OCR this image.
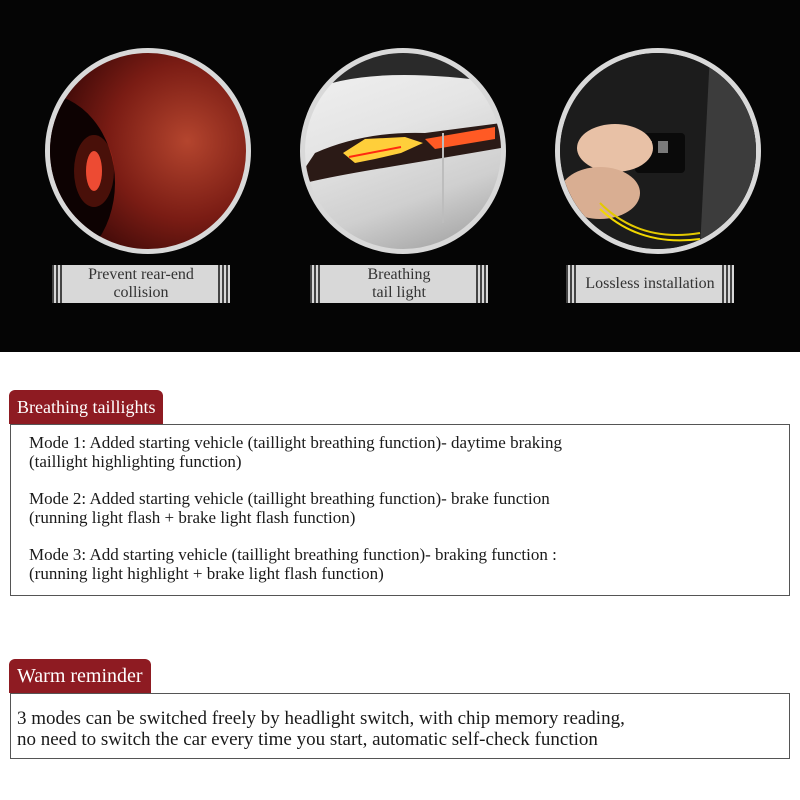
Prevent rear-end
collision
Breathing
tail light
Lossless installation
Breathing taillights

Mode 1: Added starting vehicle (taillight breathing function)- daytime braking
(taillight highlighting function)

Mode 2: Added starting vehicle (taillight breathing function)- brake function
(running light flash + brake light flash function)

Mode 3: Add starting vehicle (taillight breathing function)- braking function :
(running light highlight + brake light flash function)

Warm reminder
3 modes can be switched freely by headlight switch, with chip memory reading,
no need to switch the car every time you start, automatic self-check function
